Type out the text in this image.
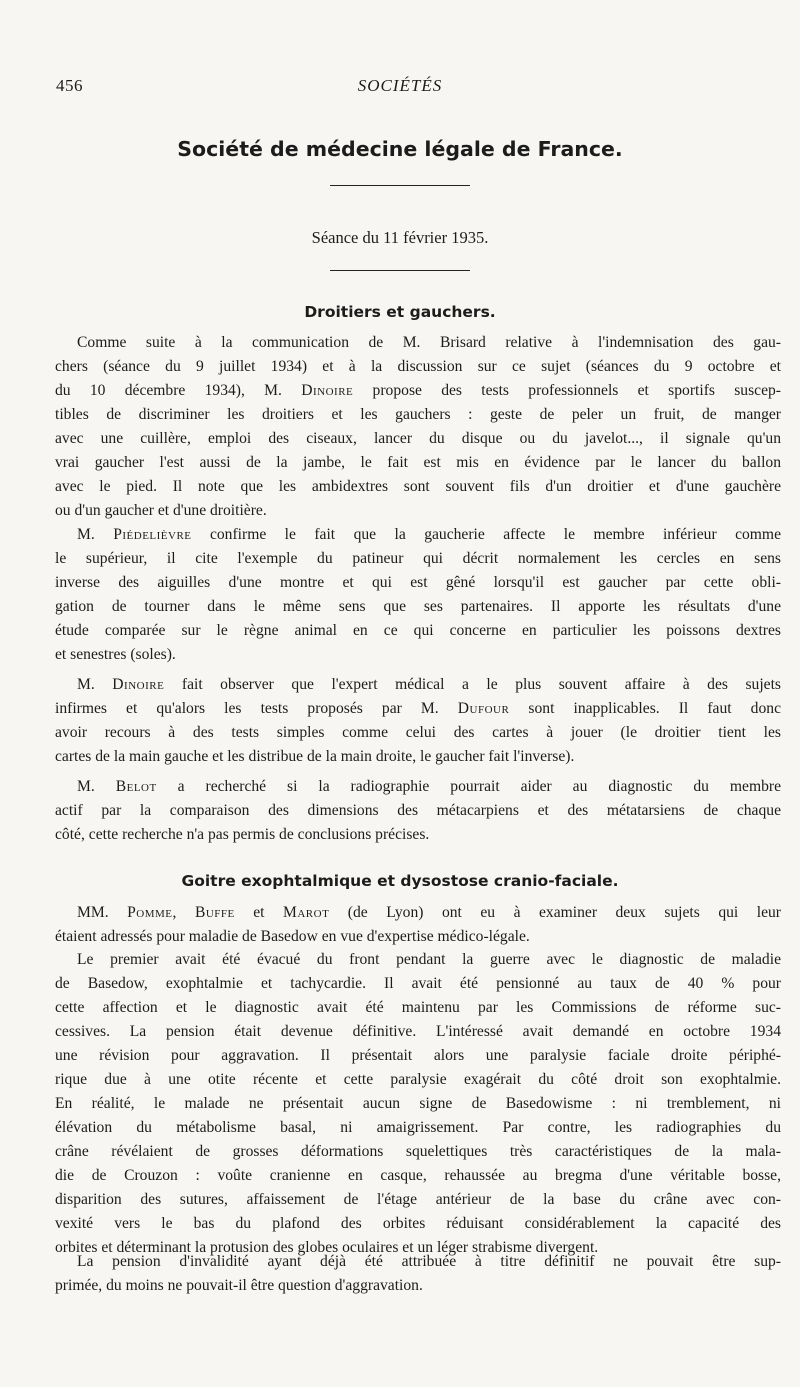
456	SOCIÉTÉS
Société de médecine légale de France.
Séance du 11 février 1935.
Droitiers et gauchers.
Comme suite à la communication de M. Brisard relative à l'indemnisation des gau-
chers (séance du 9 juillet 1934) et à la discussion sur ce sujet (séances du 9 octobre et
du 10 décembre 1934), M. Dinoire propose des tests professionnels et sportifs suscep-
tibles de discriminer les droitiers et les gauchers : geste de peler un fruit, de manger
avec une cuillère, emploi des ciseaux, lancer du disque ou du javelot..., il signale qu'un
vrai gaucher l'est aussi de la jambe, le fait est mis en évidence par le lancer du ballon
avec le pied. Il note que les ambidextres sont souvent fils d'un droitier et d'une gauchère
ou d'un gaucher et d'une droitière.
M. Piédelièvre confirme le fait que la gaucherie affecte le membre inférieur comme
le supérieur, il cite l'exemple du patineur qui décrit normalement les cercles en sens
inverse des aiguilles d'une montre et qui est gêné lorsqu'il est gaucher par cette obli-
gation de tourner dans le même sens que ses partenaires. Il apporte les résultats d'une
étude comparée sur le règne animal en ce qui concerne en particulier les poissons dextres
et senestres (soles).
M. Dinoire fait observer que l'expert médical a le plus souvent affaire à des sujets
infirmes et qu'alors les tests proposés par M. Dufour sont inapplicables. Il faut donc
avoir recours à des tests simples comme celui des cartes à jouer (le droitier tient les
cartes de la main gauche et les distribue de la main droite, le gaucher fait l'inverse).
M. Belot a recherché si la radiographie pourrait aider au diagnostic du membre
actif par la comparaison des dimensions des métacarpiens et des métatarsiens de chaque
côté, cette recherche n'a pas permis de conclusions précises.
Goitre exophtalmique et dysostose cranio-faciale.
MM. Pomme, Buffe et Marot (de Lyon) ont eu à examiner deux sujets qui leur
étaient adressés pour maladie de Basedow en vue d'expertise médico-légale.
Le premier avait été évacué du front pendant la guerre avec le diagnostic de maladie
de Basedow, exophtalmie et tachycardie. Il avait été pensionné au taux de 40 % pour
cette affection et le diagnostic avait été maintenu par les Commissions de réforme suc-
cessives. La pension était devenue définitive. L'intéressé avait demandé en octobre 1934
une révision pour aggravation. Il présentait alors une paralysie faciale droite périphé-
rique due à une otite récente et cette paralysie exagérait du côté droit son exophtalmie.
En réalité, le malade ne présentait aucun signe de Basedowisme : ni tremblement, ni
élévation du métabolisme basal, ni amaigrissement. Par contre, les radiographies du
crâne révélaient de grosses déformations squelettiques très caractéristiques de la mala-
die de Crouzon : voûte cranienne en casque, rehaussée au bregma d'une véritable bosse,
disparition des sutures, affaissement de l'étage antérieur de la base du crâne avec con-
vexité vers le bas du plafond des orbites réduisant considérablement la capacité des
orbites et déterminant la protusion des globes oculaires et un léger strabisme divergent.
La pension d'invalidité ayant déjà été attribuée à titre définitif ne pouvait être sup-
primée, du moins ne pouvait-il être question d'aggravation.
